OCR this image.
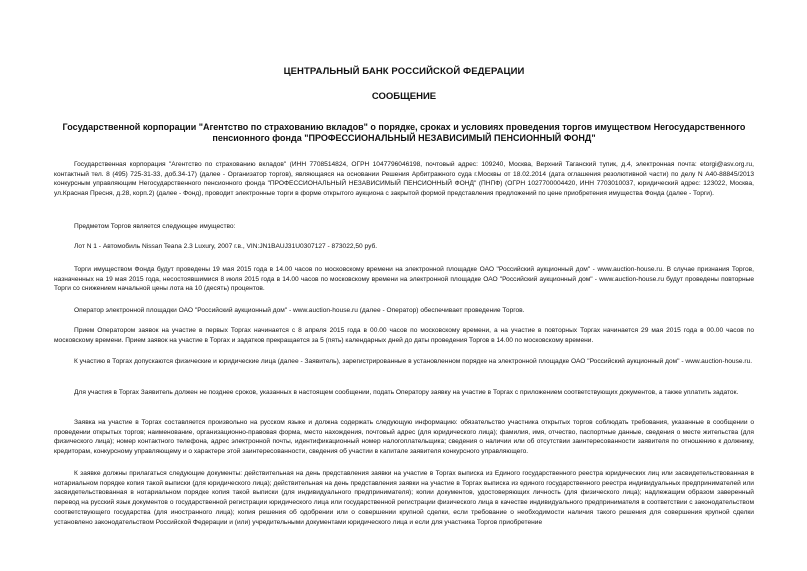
ЦЕНТРАЛЬНЫЙ БАНК РОССИЙСКОЙ ФЕДЕРАЦИИ
СООБЩЕНИЕ
Государственной корпорации "Агентство по страхованию вкладов" о порядке, сроках и условиях проведения торгов имуществом Негосударственного пенсионного фонда "ПРОФЕССИОНАЛЬНЫЙ НЕЗАВИСИМЫЙ ПЕНСИОННЫЙ ФОНД"

Государственная корпорация "Агентство по страхованию вкладов" (ИНН 7708514824, ОГРН 1047796046198, почтовый адрес: 109240, Москва, Верхний Таганский тупик, д.4, электронная почта: etorgi@asv.org.ru, контактный тел. 8 (495) 725-31-33, доб.34-17) (далее - Организатор торгов), являющаяся на основании Решения Арбитражного суда г.Москвы от 18.02.2014 (дата оглашения резолютивной части) по делу N А40-88845/2013 конкурсным управляющим Негосударственного пенсионного фонда "ПРОФЕССИОНАЛЬНЫЙ НЕЗАВИСИМЫЙ ПЕНСИОННЫЙ ФОНД" (ПНПФ) (ОГРН 1027700004420, ИНН 7703010037, юридический адрес: 123022, Москва, ул.Красная Пресня, д.28, корп.2) (далее - Фонд), проводит электронные торги в форме открытого аукциона с закрытой формой представления предложений по цене приобретения имущества Фонда (далее - Торги).

Предметом Торгов является следующее имущество:

Лот N 1 - Автомобиль Nissan Teana 2.3 Luxury, 2007 г.в., VIN:JN1BAUJ31U0307127 - 873022,50 руб.

Торги имуществом Фонда будут проведены 19 мая 2015 года в 14.00 часов по московскому времени на электронной площадке ОАО "Российский аукционный дом" - www.auction-house.ru. В случае признания Торгов, назначенных на 19 мая 2015 года, несостоявшимися 8 июля 2015 года в 14.00 часов по московскому времени на электронной площадке ОАО "Российский аукционный дом" - www.auction-house.ru будут проведены повторные Торги со снижением начальной цены лота на 10 (десять) процентов.

Оператор электронной площадки ОАО "Российский аукционный дом" - www.auction-house.ru (далее - Оператор) обеспечивает проведение Торгов.

Прием Оператором заявок на участие в первых Торгах начинается с 8 апреля 2015 года в 00.00 часов по московскому времени, а на участие в повторных Торгах начинается 29 мая 2015 года в 00.00 часов по московскому времени. Прием заявок на участие в Торгах и задатков прекращается за 5 (пять) календарных дней до даты проведения Торгов в 14.00 по московскому времени.

К участию в Торгах допускаются физические и юридические лица (далее - Заявитель), зарегистрированные в установленном порядке на электронной площадке ОАО "Российский аукционный дом" - www.auction-house.ru.

Для участия в Торгах Заявитель должен не позднее сроков, указанных в настоящем сообщении, подать Оператору заявку на участие в Торгах с приложением соответствующих документов, а также уплатить задаток.

Заявка на участие в Торгах составляется произвольно на русском языке и должна содержать следующую информацию: обязательство участника открытых торгов соблюдать требования, указанные в сообщении о проведении открытых торгов; наименование, организационно-правовая форма, место нахождения, почтовый адрес (для юридического лица); фамилия, имя, отчество, паспортные данные, сведения о месте жительства (для физического лица); номер контактного телефона, адрес электронной почты, идентификационный номер налогоплательщика; сведения о наличии или об отсутствии заинтересованности заявителя по отношению к должнику, кредиторам, конкурсному управляющему и о характере этой заинтересованности, сведения об участии в капитале заявителя конкурсного управляющего.

К заявке должны прилагаться следующие документы: действительная на день представления заявки на участие в Торгах выписка из Единого государственного реестра юридических лиц или засвидетельствованная в нотариальном порядке копия такой выписки (для юридического лица); действительная на день представления заявки на участие в Торгах выписка из единого государственного реестра индивидуальных предпринимателей или засвидетельствованная в нотариальном порядке копия такой выписки (для индивидуального предпринимателя); копии документов, удостоверяющих личность (для физического лица); надлежащим образом заверенный перевод на русский язык документов о государственной регистрации юридического лица или государственной регистрации физического лица в качестве индивидуального предпринимателя в соответствии с законодательством соответствующего государства (для иностранного лица); копия решения об одобрении или о совершении крупной сделки, если требование о необходимости наличия такого решения для совершения крупной сделки установлено законодательством Российской Федерации и (или) учредительными документами юридического лица и если для участника Торгов приобретение
